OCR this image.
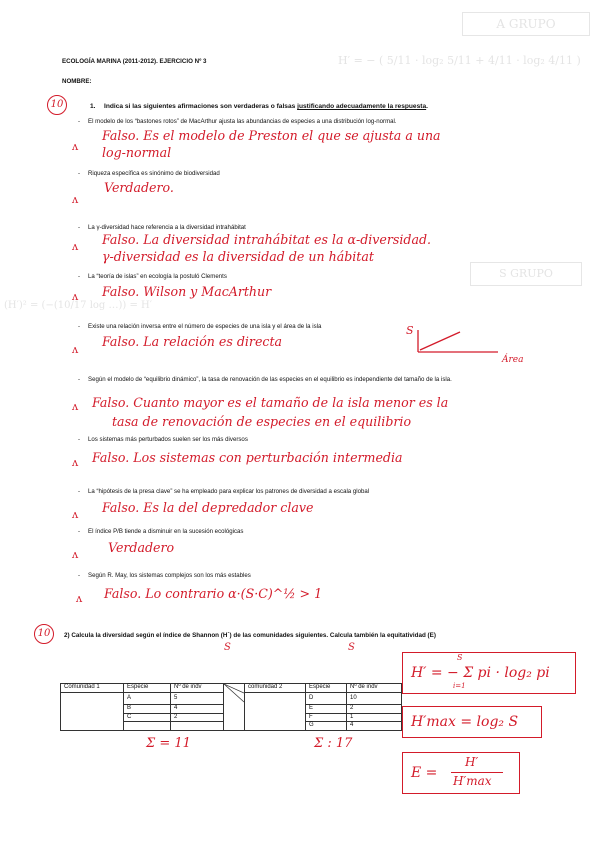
A GRUPO
H′ = − ( 5/11 · log₂ 5/11 + 4/11 · log₂ 4/11 )
S GRUPO
(H′)² = (−(10/17 log …)) = H′
ECOLOGÍA MARINA (2011-2012). EJERCICIO Nº 3
NOMBRE:
10	1. Indica si las siguientes afirmaciones son verdaderas o falsas justificando adecuadamente la respuesta.
- El modelo de los “bastones rotos” de MacArthur ajusta las abundancias de especies a una distribución log-normal.
- Riqueza específica es sinónimo de biodiversidad
- La γ-diversidad hace referencia a la diversidad intrahábitat
- La “teoría de islas” en ecología la postuló Clements
- Existe una relación inversa entre el número de especies de una isla y el área de la isla
- Según el modelo de “equilibrio dinámico”, la tasa de renovación de las especies en el equilibrio es independiente del tamaño de la isla.
- Los sistemas más perturbados suelen ser los más diversos
- La “hipótesis de la presa clave” se ha empleado para explicar los patrones de diversidad a escala global
- El índice P/B tiende a disminuir en la sucesión ecológicas
- Según R. May, los sistemas complejos son los más estables
Falso. Es el modelo de Preston el que se ajusta a una
log-normal
Verdadero.
Falso. La diversidad intrahábitat es la α-diversidad.
γ-diversidad es la diversidad de un hábitat
Falso. Wilson y MacArthur
Falso. La relación es directa
Falso. Cuanto mayor es el tamaño de la isla menor es la
tasa de renovación de especies en el equilibrio
Falso. Los sistemas con perturbación intermedia
Falso. Es la del depredador clave
Verdadero
Falso. Lo contrario α·(S·C)^½ > 1
ʌ
ʌ
ʌ
ʌ
ʌ
ʌ
ʌ
ʌ
ʌ
ʌ
S
Área
10	2) Calcula la diversidad según el índice de Shannon (H´) de las comunidades siguientes. Calcula también la equitatividad (E)
S	S
Comunidad 1	Especie	Nº de indv		comunidad 2	Especie	Nº de indv
	A	5			D	10
	B	4			E	2
	C	2			F	1
					G	4
Σ = 11	Σ : 17
H′ = − Σ pi · log₂ pi
S
i=1
H′max = log₂ S
E =
H′
H′max
